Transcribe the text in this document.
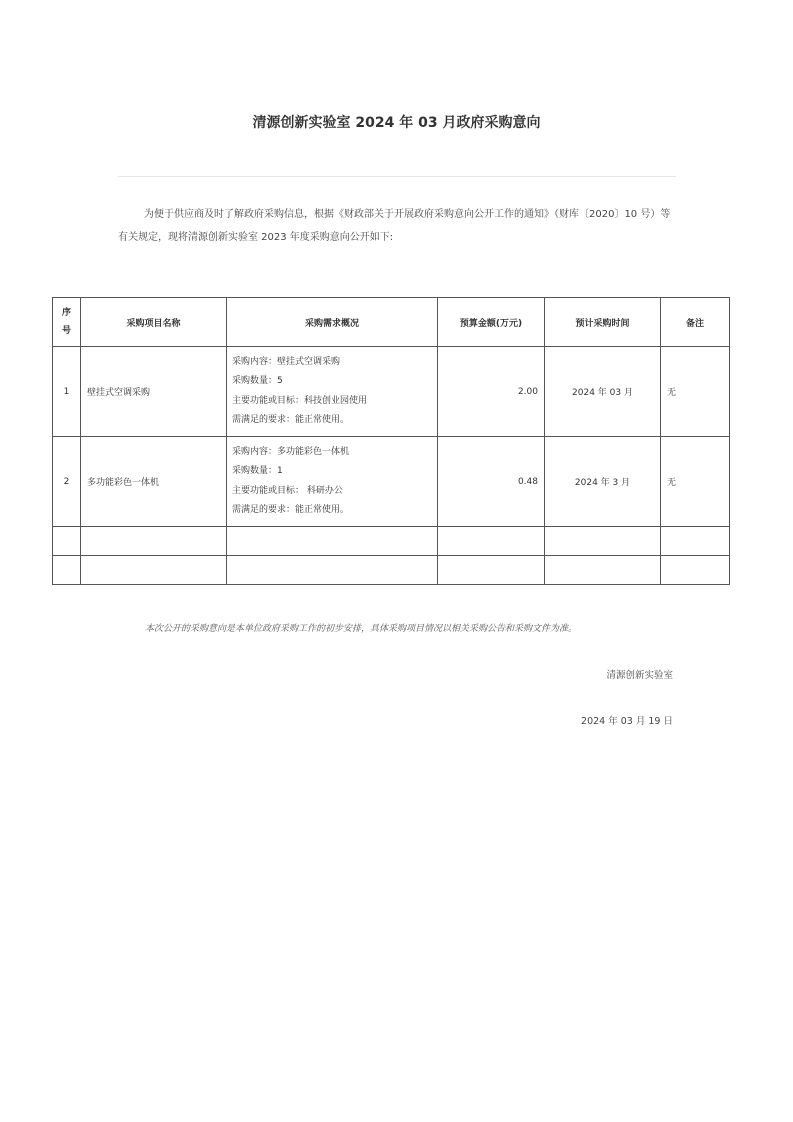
清源创新实验室 2024 年 03 月政府采购意向
为便于供应商及时了解政府采购信息，根据《财政部关于开展政府采购意向公开工作的通知》（财库〔2020〕10 号）等有关规定，现将清源创新实验室 2023 年度采购意向公开如下:
序
号	采购项目名称	采购需求概况	预算金额(万元)	预计采购时间	备注
1	壁挂式空调采购	采购内容：壁挂式空调采购
采购数量：5
主要功能或目标：科技创业园使用
需满足的要求：能正常使用。	2.00	2024 年 03 月	无
2	多功能彩色一体机	采购内容：多功能彩色一体机
采购数量：1
主要功能或目标： 科研办公
需满足的要求：能正常使用。	0.48	2024 年 3 月	无

本次公开的采购意向是本单位政府采购工作的初步安排，具体采购项目情况以相关采购公告和采购文件为准。
清源创新实验室
2024 年 03 月 19 日
